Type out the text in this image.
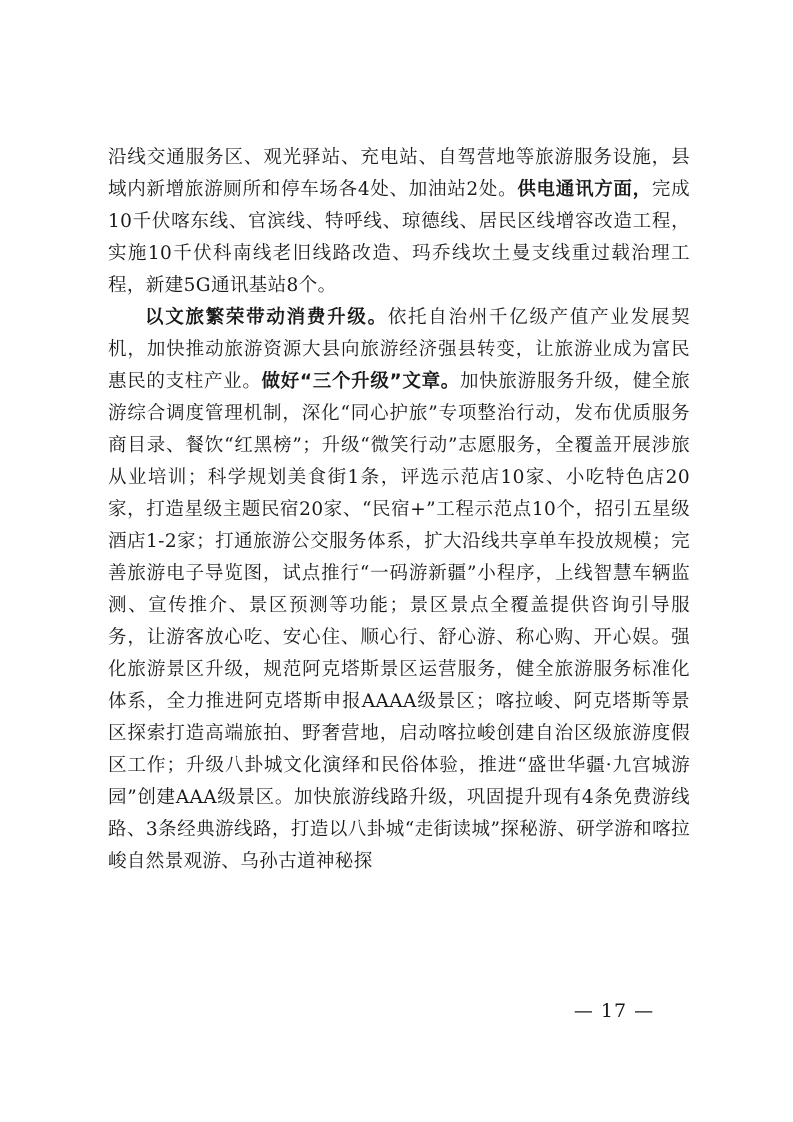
沿线交通服务区、观光驿站、充电站、自驾营地等旅游服务设施，县域内新增旅游厕所和停车场各4处、加油站2处。供电通讯方面，完成10千伏喀东线、官滨线、特呼线、琼德线、居民区线增容改造工程，实施10千伏科南线老旧线路改造、玛乔线坎土曼支线重过载治理工程，新建5G通讯基站8个。

以文旅繁荣带动消费升级。依托自治州千亿级产值产业发展契机，加快推动旅游资源大县向旅游经济强县转变，让旅游业成为富民惠民的支柱产业。做好“三个升级”文章。加快旅游服务升级，健全旅游综合调度管理机制，深化“同心护旅”专项整治行动，发布优质服务商目录、餐饮“红黑榜”；升级“微笑行动”志愿服务，全覆盖开展涉旅从业培训；科学规划美食街1条，评选示范店10家、小吃特色店20家，打造星级主题民宿20家、“民宿+”工程示范点10个，招引五星级酒店1-2家；打通旅游公交服务体系，扩大沿线共享单车投放规模；完善旅游电子导览图，试点推行“一码游新疆”小程序，上线智慧车辆监测、宣传推介、景区预测等功能；景区景点全覆盖提供咨询引导服务，让游客放心吃、安心住、顺心行、舒心游、称心购、开心娱。强化旅游景区升级，规范阿克塔斯景区运营服务，健全旅游服务标准化体系，全力推进阿克塔斯申报AAAA级景区；喀拉峻、阿克塔斯等景区探索打造高端旅拍、野奢营地，启动喀拉峻创建自治区级旅游度假区工作；升级八卦城文化演绎和民俗体验，推进“盛世华疆·九宫城游园”创建AAA级景区。加快旅游线路升级，巩固提升现有4条免费游线路、3条经典游线路，打造以八卦城“走街读城”探秘游、研学游和喀拉峻自然景观游、乌孙古道神秘探

— 17 —
